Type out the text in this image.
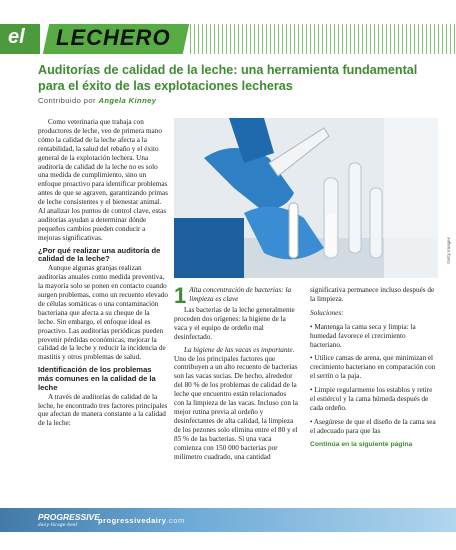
el LECHERO
Auditorías de calidad de la leche: una herramienta fundamental para el éxito de las explotaciones lecheras
Contribuido por Angela Kinney

Como veterinaria que trabaja con productores de leche, veo de primera mano cómo la calidad de la leche afecta a la rentabilidad, la salud del rebaño y el éxito general de la explotación lechera. Una auditoría de calidad de la leche no es solo una medida de cumplimiento, sino un enfoque proactivo para identificar problemas antes de que se agraven, garantizando primas de leche consistentes y el bienestar animal. Al analizar los puntos de control clave, estas auditorías ayudan a determinar dónde pequeños cambios pueden conducir a mejoras significativas.

¿Por qué realizar una auditoría de calidad de la leche?

Aunque algunas granjas realizan auditorías anuales como medida preventiva, la mayoría solo se ponen en contacto cuando surgen problemas, como un recuento elevado de células somáticas o una contaminación bacteriana que afecta a su cheque de la leche. Sin embargo, el enfoque ideal es proactivo. Las auditorías periódicas pueden prevenir pérdidas económicas, mejorar la calidad de la leche y reducir la incidencia de mastitis y otros problemas de salud.

Identificación de los problemas más comunes en la calidad de la leche

A través de auditorías de calidad de la leche, he encontrado tres factores principales que afectan de manera constante a la calidad de la leche:

Getty Images
1 Alta concentración de bacterias: la limpieza es clave

Las bacterias de la leche generalmente proceden dos orígenes: la higiene de la vaca y el equipo de ordeño mal desinfectado.

La higiene de las vacas es importante. Uno de los principales factores que contribuyen a un alto recuento de bacterias son las vacas sucias. De hecho, alrededor del 80 % de los problemas de calidad de la leche que encuentro están relacionados con la limpieza de las vacas. Incluso con la mejor rutina previa al ordeño y desinfectantes de alta calidad, la limpieza de los pezones solo elimina entre el 80 y el 85 % de las bacterias. Si una vaca comienza con 150 000 bacterias por milímetro cuadrado, una cantidad

significativa permanece incluso después de la limpieza.

Soluciones:

• Mantenga la cama seca y limpia: la humedad favorece el crecimiento bacteriano.

• Utilice camas de arena, que minimizan el crecimiento bacteriano en comparación con el serrín o la paja.

• Limpie regularmente los establos y retire el estiércol y la cama húmeda después de cada ordeño.

• Asegúrese de que el diseño de la cama sea el adecuado para que las

Continúa en la siguiente página
PROGRESSIVE
dairy·forage·beef	progressivedairy.com
